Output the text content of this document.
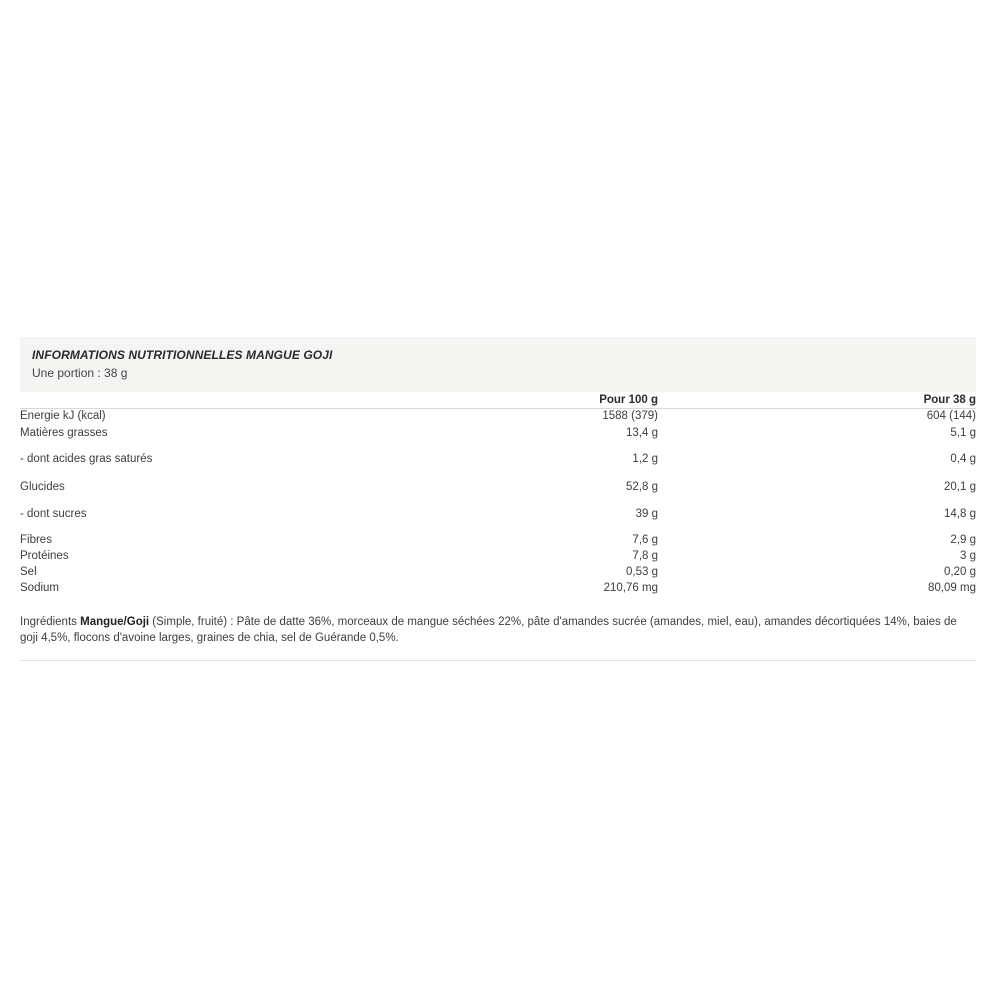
INFORMATIONS NUTRITIONNELLES MANGUE GOJI
Une portion : 38 g
Pour 100 g	Pour 38 g
Energie kJ (kcal)	1588 (379)	604 (144)
Matières grasses	13,4 g	5,1 g
- dont acides gras saturés	1,2 g	0,4 g
Glucides	52,8 g	20,1 g
- dont sucres	39 g	14,8 g
Fibres	7,6 g	2,9 g
Protéines	7,8 g	3 g
Sel	0,53 g	0,20 g
Sodium	210,76 mg	80,09 mg
Ingrédients Mangue/Goji (Simple, fruité) : Pâte de datte 36%, morceaux de mangue séchées 22%, pâte d'amandes sucrée (amandes, miel, eau), amandes décortiquées 14%, baies de goji 4,5%, flocons d'avoine larges, graines de chia, sel de Guérande 0,5%.
